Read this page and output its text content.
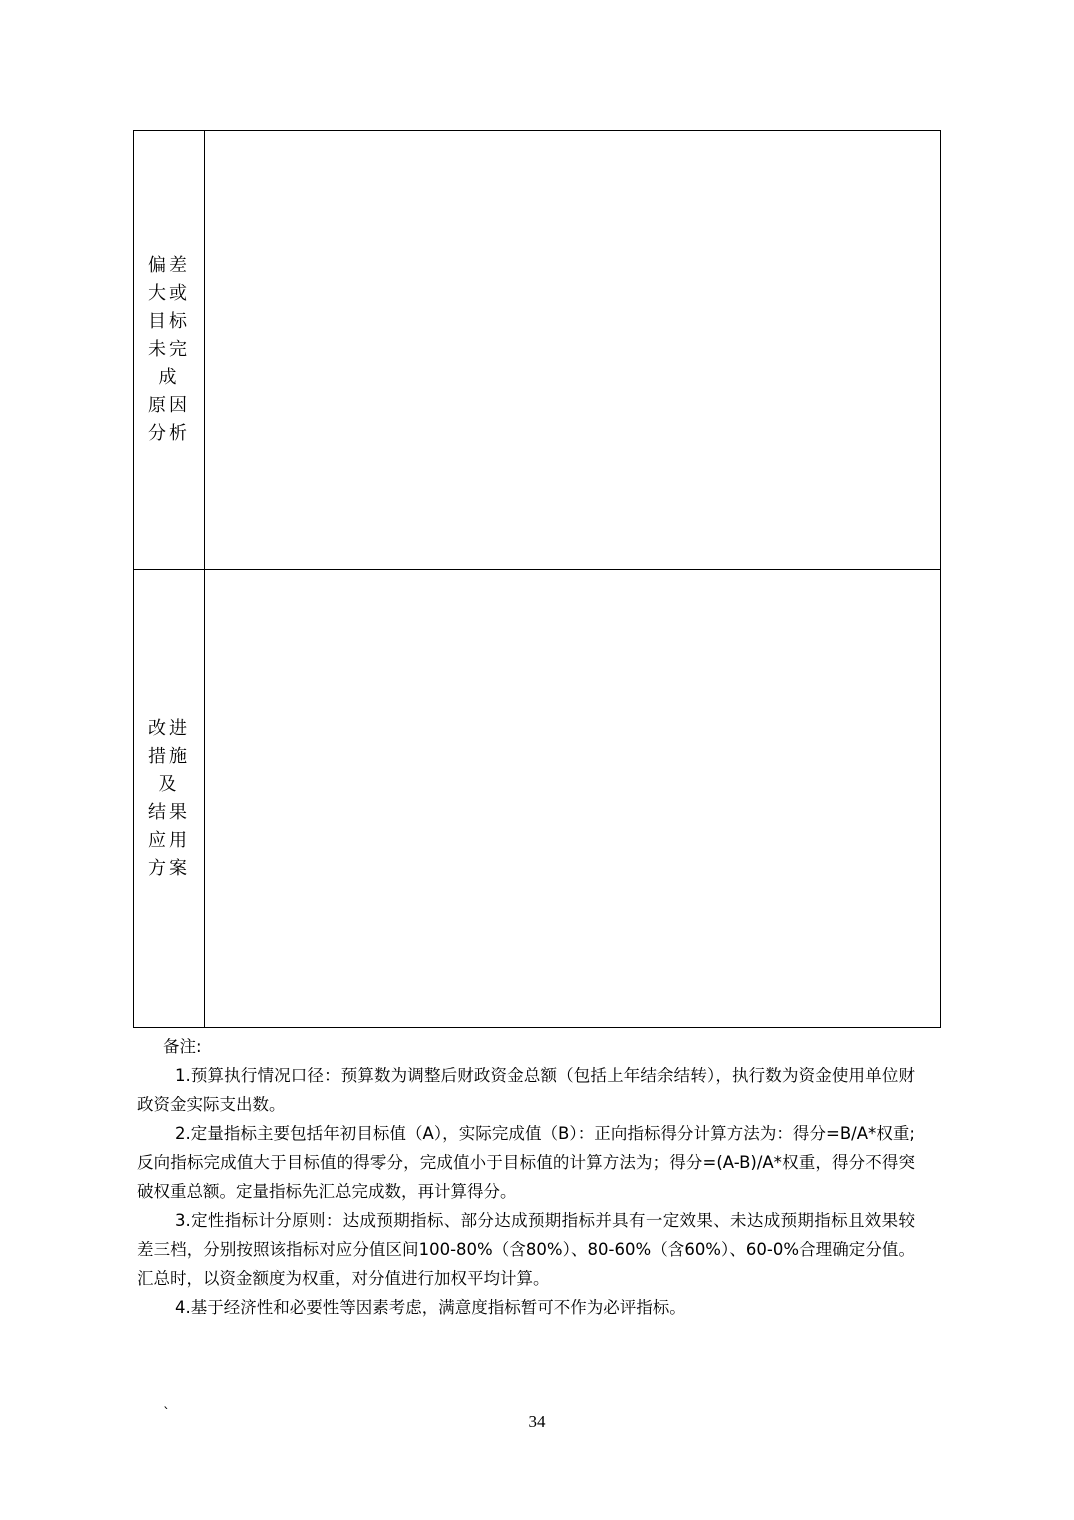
偏差
大或
目标
未完
成
原因
分析
改进
措施
及
结果
应用
方案
备注:

1.预算执行情况口径：预算数为调整后财政资金总额（包括上年结余结转），执行数为资金使用单位财政资金实际支出数。

2.定量指标主要包括年初目标值（A），实际完成值（B）：正向指标得分计算方法为：得分=B/A*权重;反向指标完成值大于目标值的得零分，完成值小于目标值的计算方法为；得分=(A-B)/A*权重，得分不得突破权重总额。定量指标先汇总完成数，再计算得分。

3.定性指标计分原则：达成预期指标、部分达成预期指标并具有一定效果、未达成预期指标且效果较差三档，分别按照该指标对应分值区间100-80%（含80%）、80-60%（含60%）、60-0%合理确定分值。汇总时，以资金额度为权重，对分值进行加权平均计算。

4.基于经济性和必要性等因素考虑，满意度指标暂可不作为必评指标。

`	34
